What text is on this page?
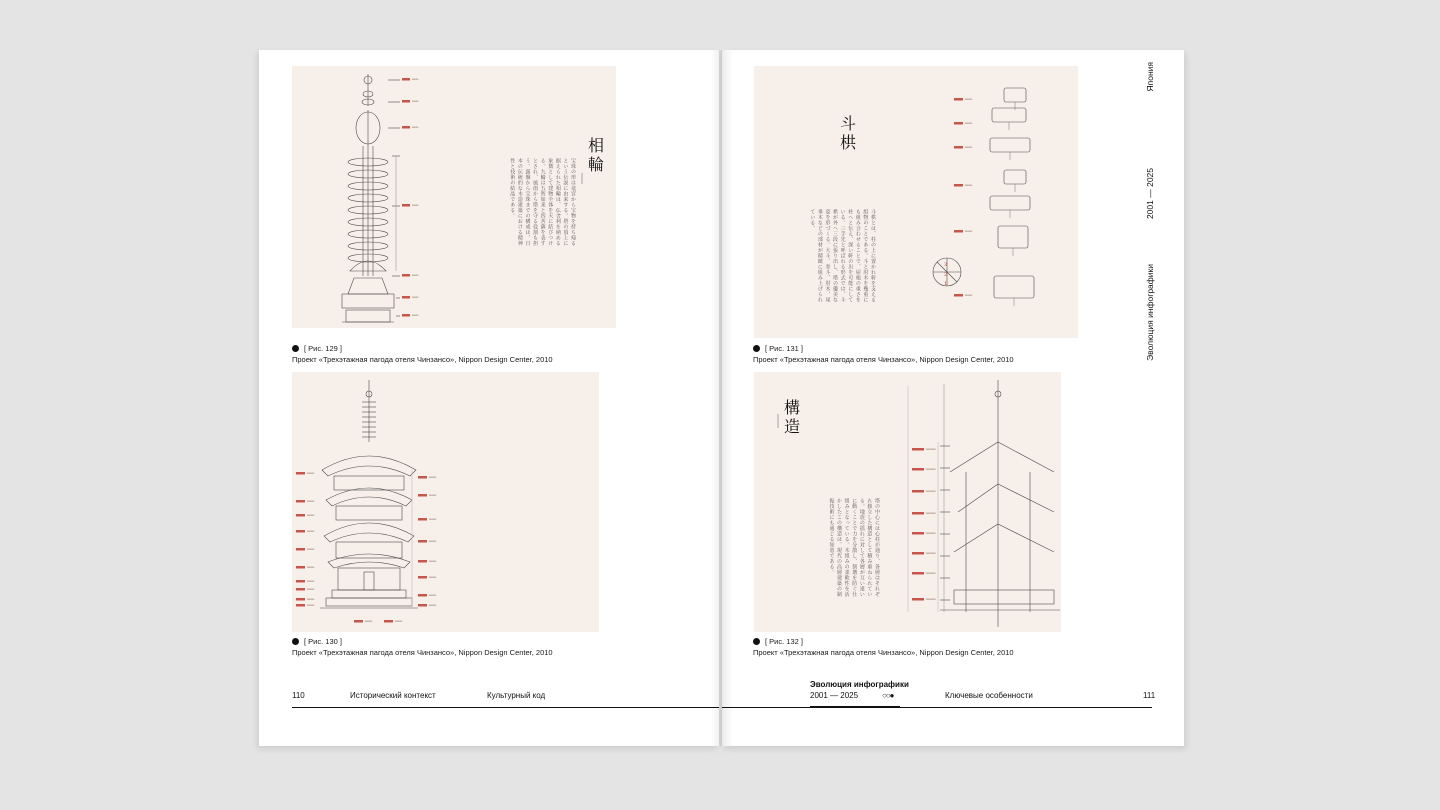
相輪
宝珠の形は竜宮から宝物を持ち帰るという伝説に由来する。塔の頂上に据えられた相輪は、仏舎利を納める象徴として建物全体を天に結びつける。九輪は五智如来と四菩薩を表すとされ、風雨から塔を守る役割も担う。露盤から宝珠までの構成は、日本の伝統的な木造建築における精神性と技術の結晶である。
[ Рис. 129 ]
Проект «Трехэтажная пагода отеля Чинзансо», Nippon Design Center, 2010
[ Рис. 130 ]
Проект «Трехэтажная пагода отеля Чинзансо», Nippon Design Center, 2010
110	Исторический контекст	Культурный код
3
2
1
斗栱
斗栱とは、柱の上に置かれ軒を支える組物のことである。斗と肘木を幾重にも組み合わせることで、屋根の重さを柱へと伝え、深い軒の出を可能にしている。三手先と呼ばれる形式では、斗栱が外へ三段に張り出し、塔の優美な姿を形づくる。大斗、巻斗、肘木、尾垂木などの部材が精緻に組み上げられている。
[ Рис. 131 ]
Проект «Трехэтажная пагода отеля Чинзансо», Nippon Design Center, 2010
構造
塔の中心には心柱が通り、各層はそれぞれ独立した構造として積み重ねられている。地震の揺れに対して各層が互い違いに動くことで力を分散し、倒壊を防ぐ仕組みとなっている。木組みの柔軟性を活かしたこの構造は、現代の高層建築の制振技術にも通じる知恵である。
[ Рис. 132 ]
Проект «Трехэтажная пагода отеля Чинзансо», Nippon Design Center, 2010
Эволюция инфографики
2001 — 2025	○○●	Ключевые особенности	111
Япония
2001 — 2025
Эволюция инфографики
